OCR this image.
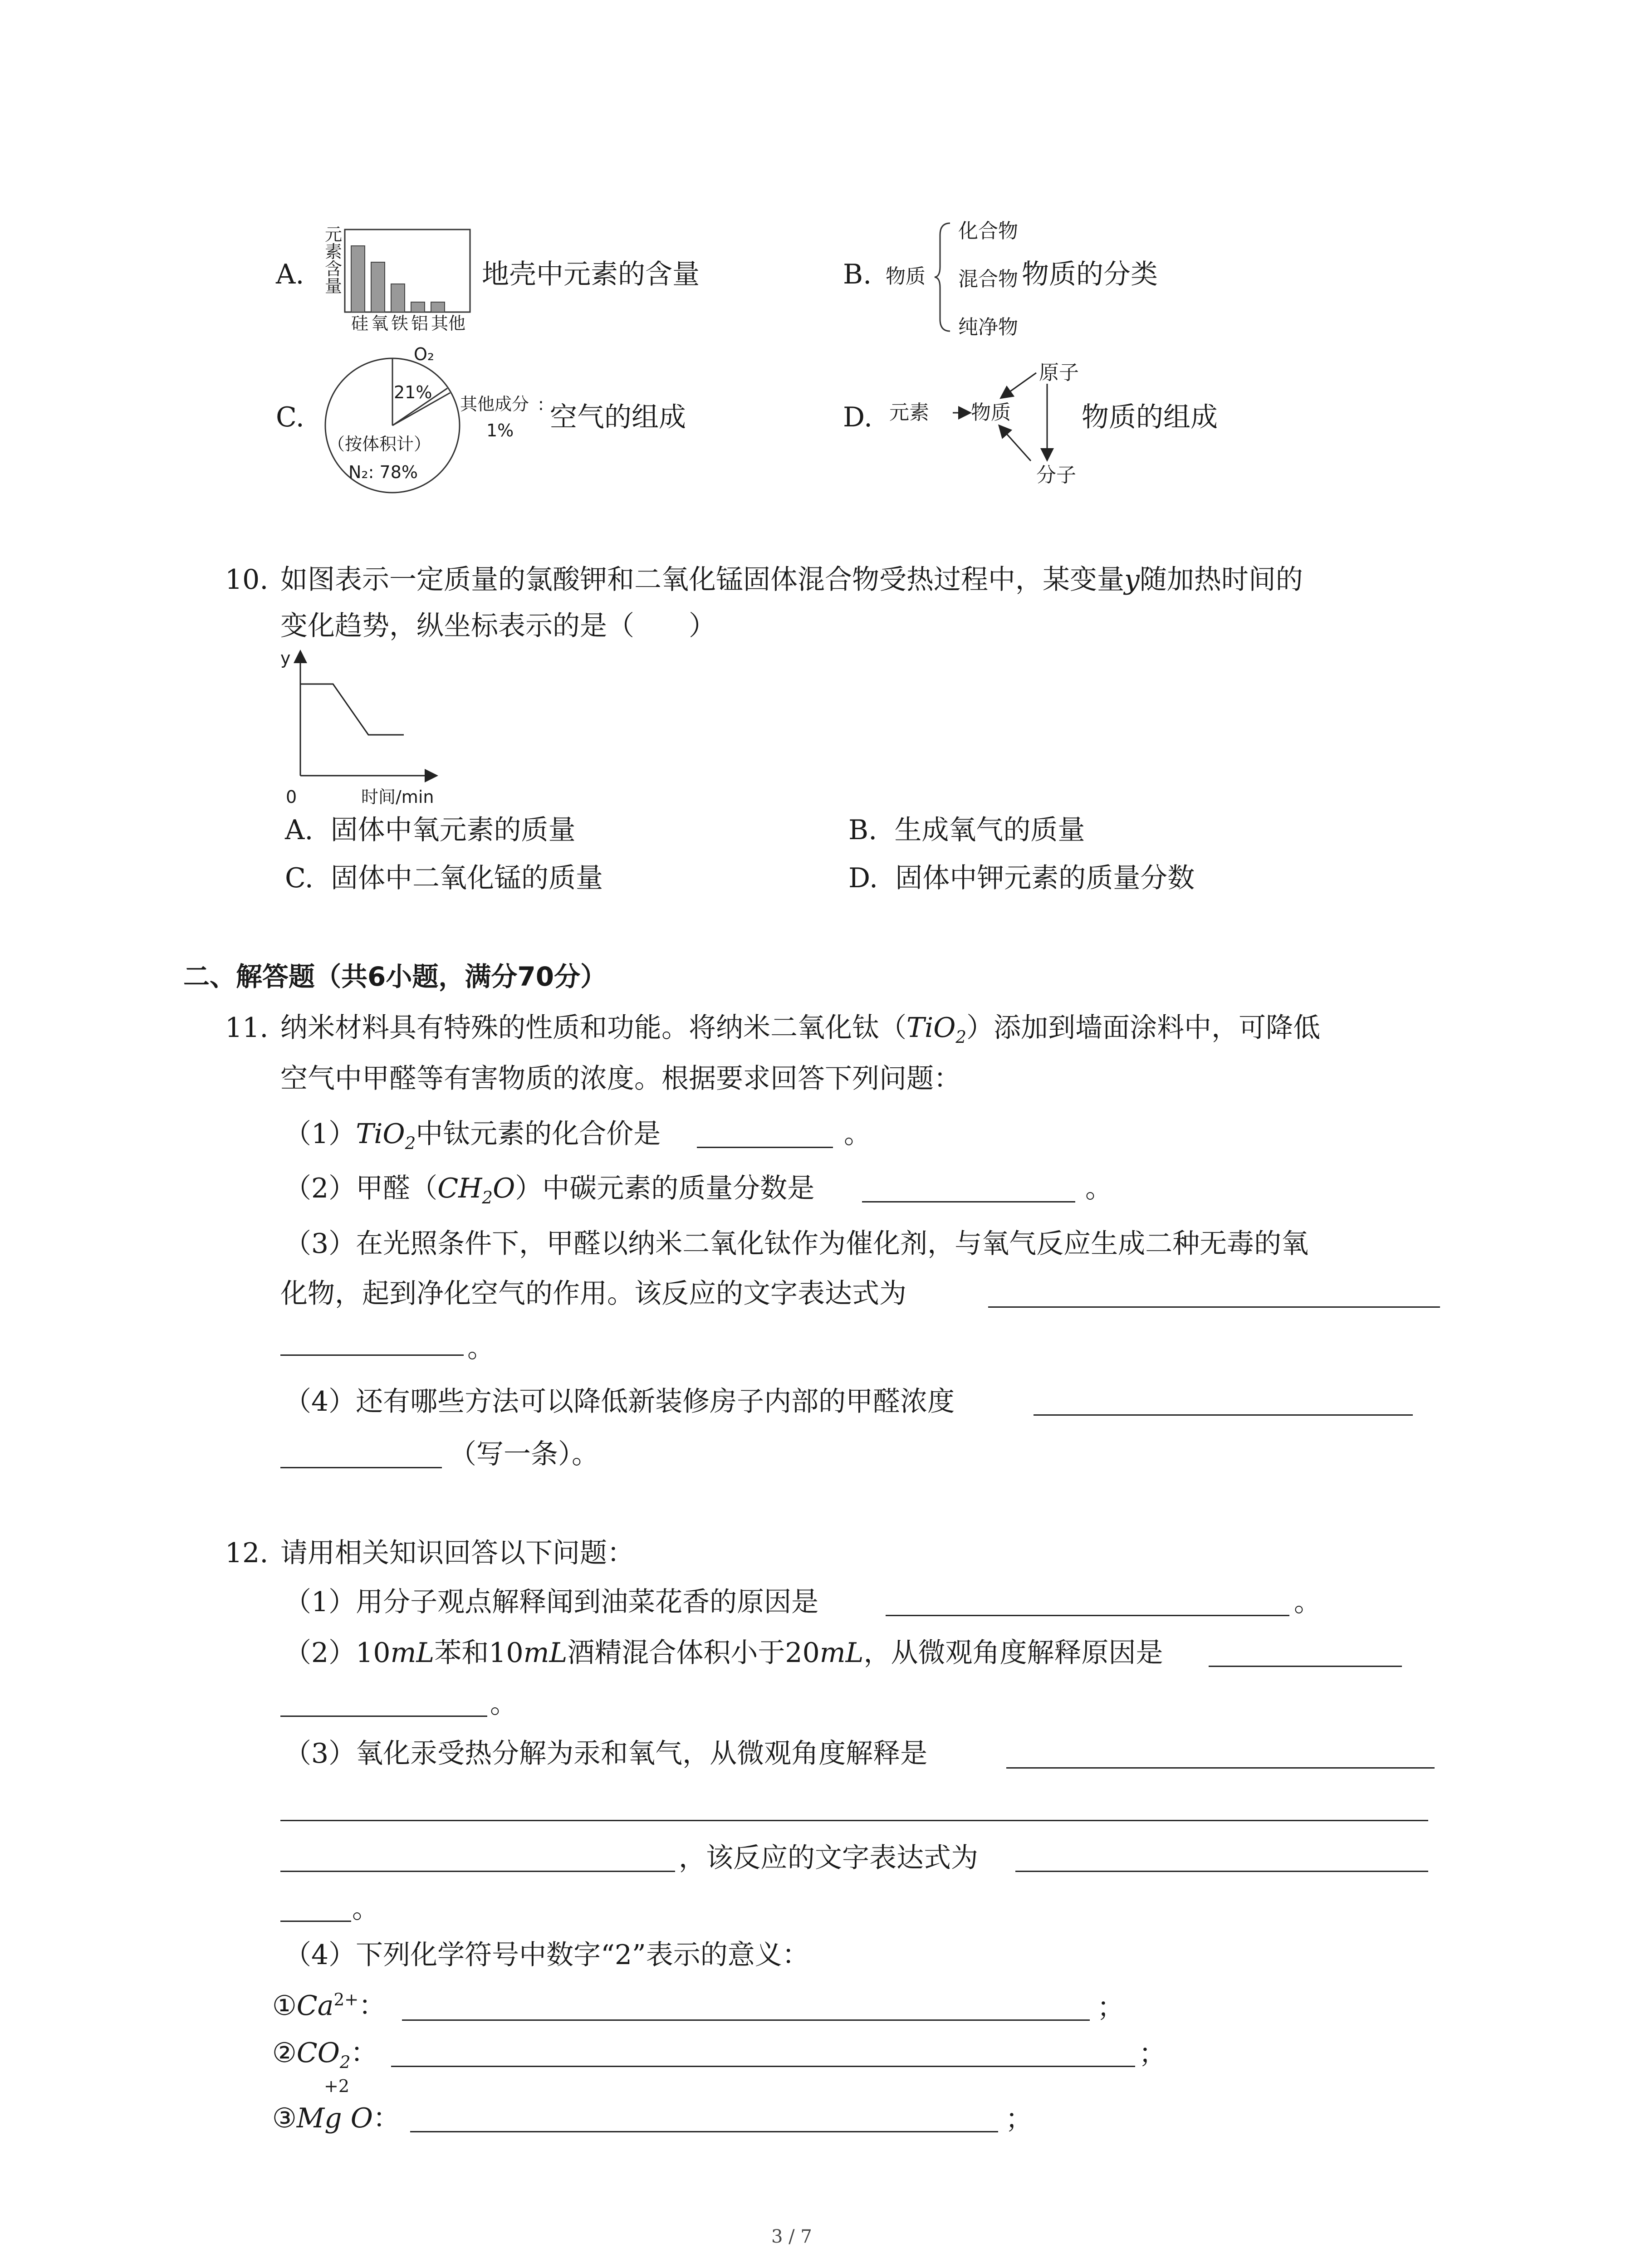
A.
元
素
含
量
硅 氧 铁 铝 其他
地壳中元素的含量	B. 物质
化合物
混合物
纯净物
物质的分类
C.
O₂
21%
其他成分 :
1%
（按体积计）
N₂: 78%
空气的组成	D. 元素 物质
原子
分子
物质的组成
10. 如图表示一定质量的氯酸钾和二氧化锰固体混合物受热过程中，某变量y随加热时间的
变化趋势，纵坐标表示的是（　　）
y
0	时间/min
A. 固体中氧元素的质量	B. 生成氧气的质量
C. 固体中二氧化锰的质量	D. 固体中钾元素的质量分数
二、解答题（共6小题，满分70分）
11. 纳米材料具有特殊的性质和功能。将纳米二氧化钛（TiO$_2$）添加到墙面涂料中，可降低
空气中甲醛等有害物质的浓度。根据要求回答下列问题：
（1）TiO$_2$中钛元素的化合价是	。
（2）甲醛$(CH_2O)$中碳元素的质量分数是	。
（3）在光照条件下，甲醛以纳米二氧化钛作为催化剂，与氧气反应生成二种无毒的氧
化物，起到净化空气的作用。该反应的文字表达式为
。
（4）还有哪些方法可以降低新装修房子内部的甲醛浓度
（写一条）。
12. 请用相关知识回答以下问题：
（1）用分子观点解释闻到油菜花香的原因是	。
（2）10mL苯和10mL酒精混合体积小于20mL，从微观角度解释原因是
。
（3）氧化汞受热分解为汞和氧气，从微观角度解释是
，该反应的文字表达式为
。
（4）下列化学符号中数字“2”表示的意义：
$①Ca^{2+}$：	；
$②CO_2$：	；
+2
③Mg O：	；
3 / 7
